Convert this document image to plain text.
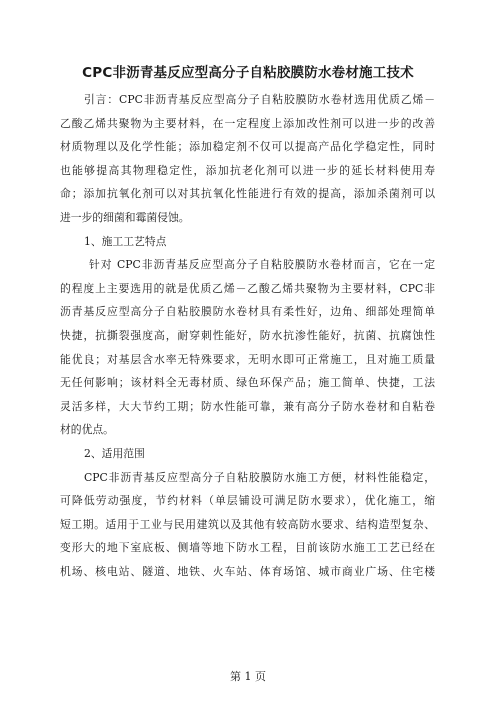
CPC非沥青基反应型高分子自粘胶膜防水卷材施工技术
引言：CPC非沥青基反应型高分子自粘胶膜防水卷材选用优质乙烯－
乙酸乙烯共聚物为主要材料，在一定程度上添加改性剂可以进一步的改善
材质物理以及化学性能；添加稳定剂不仅可以提高产品化学稳定性，同时
也能够提高其物理稳定性，添加抗老化剂可以进一步的延长材料使用寿
命；添加抗氧化剂可以对其抗氧化性能进行有效的提高，添加杀菌剂可以
进一步的细菌和霉菌侵蚀。
1、施工工艺特点
针对 CPC非沥青基反应型高分子自粘胶膜防水卷材而言，它在一定
的程度上主要选用的就是优质乙烯－乙酸乙烯共聚物为主要材料，CPC非
沥青基反应型高分子自粘胶膜防水卷材具有柔性好，边角、细部处理简单
快捷，抗撕裂强度高，耐穿刺性能好，防水抗渗性能好，抗菌、抗腐蚀性
能优良；对基层含水率无特殊要求，无明水即可正常施工，且对施工质量
无任何影响；该材料全无毒材质、绿色环保产品；施工简单、快捷，工法
灵活多样，大大节约工期；防水性能可靠，兼有高分子防水卷材和自粘卷
材的优点。
2、适用范围
CPC非沥青基反应型高分子自粘胶膜防水施工方便，材料性能稳定，
可降低劳动强度，节约材料（单层铺设可满足防水要求），优化施工，缩
短工期。适用于工业与民用建筑以及其他有较高防水要求、结构造型复杂、
变形大的地下室底板、侧墙等地下防水工程，目前该防水施工工艺已经在
机场、核电站、隧道、地铁、火车站、体育场馆、城市商业广场、住宅楼
第 1 页
